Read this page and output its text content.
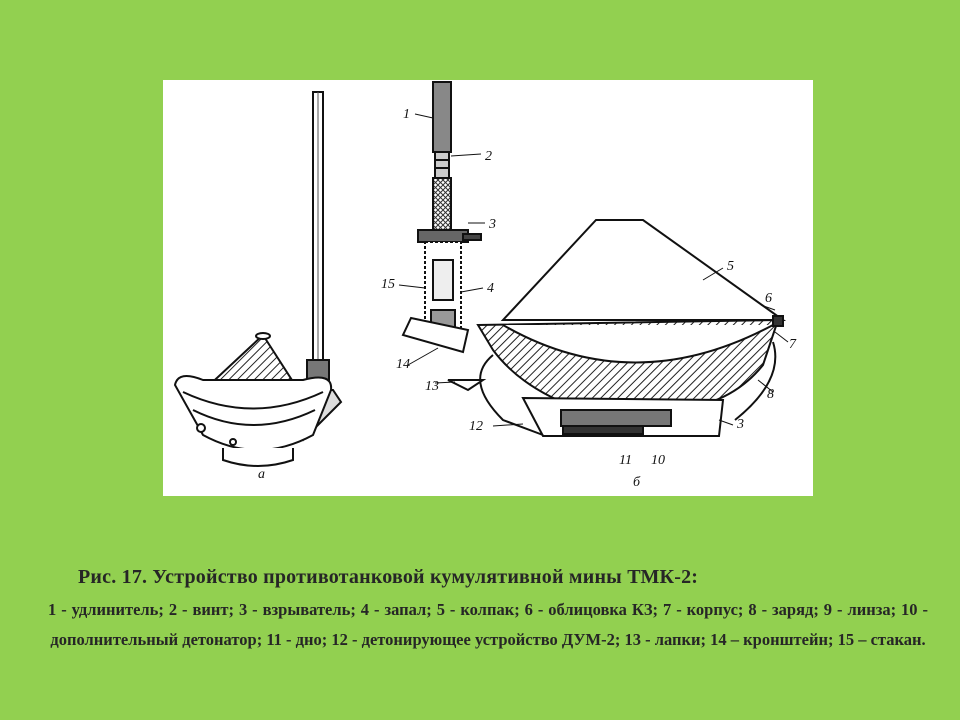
а
1
2
3
4
5
6
7
8
3
10
11
12
13
14
15
б
Рис. 17. Устройство противотанковой кумулятивной мины ТМК-2:
1 - удлинитель; 2 - винт; 3 - взрыватель; 4 - запал; 5 - колпак; 6 - облицовка КЗ; 7 - корпус; 8 - заряд; 9 - линза; 10 - дополнительный детонатор; 11 - дно; 12 - детонирующее устройство ДУМ-2; 13 - лапки; 14 – кронштейн; 15 – стакан.
